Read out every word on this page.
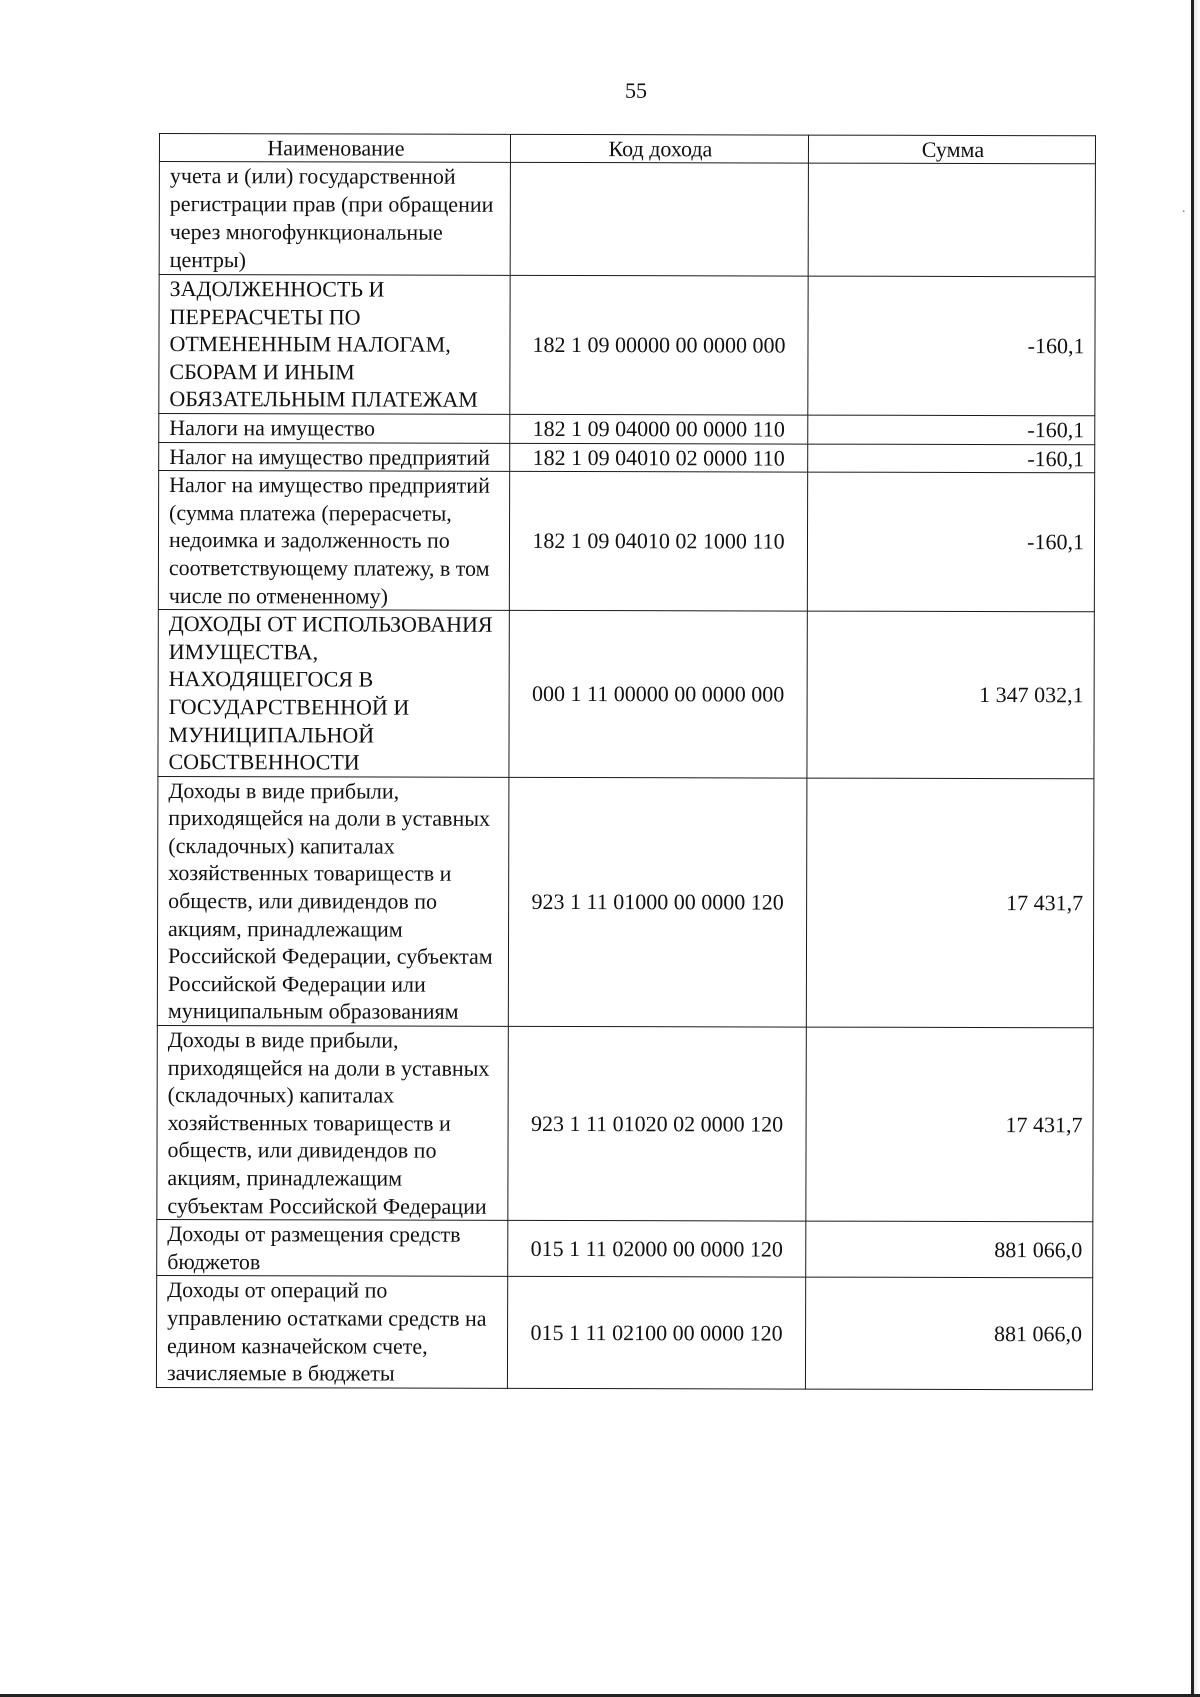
55
Наименование	Код дохода	Сумма
учета и (или) государственной регистрации прав (при обращении через многофункциональные центры)		
ЗАДОЛЖЕННОСТЬ И ПЕРЕРАСЧЕТЫ ПО ОТМЕНЕННЫМ НАЛОГАМ, СБОРАМ И ИНЫМ ОБЯЗАТЕЛЬНЫМ ПЛАТЕЖАМ	182 1 09 00000 00 0000 000	-160,1
Налоги на имущество	182 1 09 04000 00 0000 110	-160,1
Налог на имущество предприятий	182 1 09 04010 02 0000 110	-160,1
Налог на имущество предприятий (сумма платежа (перерасчеты, недоимка и задолженность по соответствующему платежу, в том числе по отмененному)	182 1 09 04010 02 1000 110	-160,1
ДОХОДЫ ОТ ИСПОЛЬЗОВАНИЯ ИМУЩЕСТВА, НАХОДЯЩЕГОСЯ В ГОСУДАРСТВЕННОЙ И МУНИЦИПАЛЬНОЙ СОБСТВЕННОСТИ	000 1 11 00000 00 0000 000	1 347 032,1
Доходы в виде прибыли, приходящейся на доли в уставных (складочных) капиталах хозяйственных товариществ и обществ, или дивидендов по акциям, принадлежащим Российской Федерации, субъектам Российской Федерации или муниципальным образованиям	923 1 11 01000 00 0000 120	17 431,7
Доходы в виде прибыли, приходящейся на доли в уставных (складочных) капиталах хозяйственных товариществ и обществ, или дивидендов по акциям, принадлежащим субъектам Российской Федерации	923 1 11 01020 02 0000 120	17 431,7
Доходы от размещения средств бюджетов	015 1 11 02000 00 0000 120	881 066,0
Доходы от операций по управлению остатками средств на едином казначейском счете, зачисляемые в бюджеты	015 1 11 02100 00 0000 120	881 066,0
·
